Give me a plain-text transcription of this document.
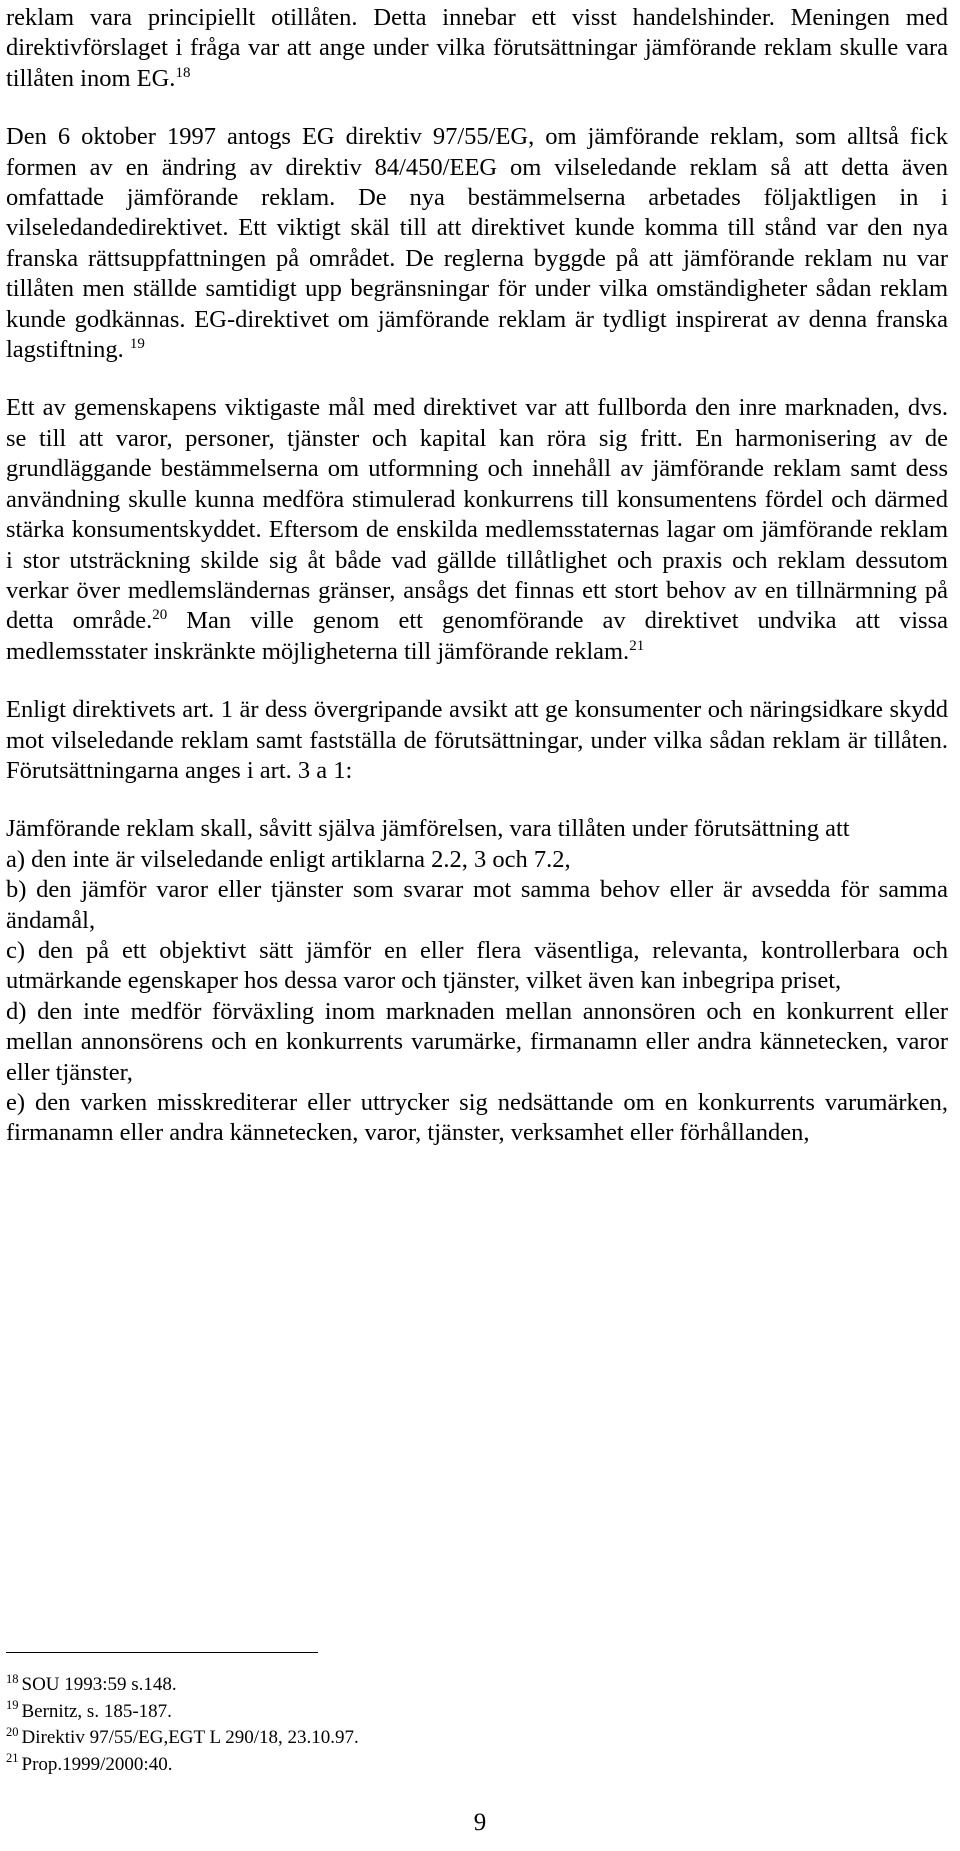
reklam vara principiellt otillåten. Detta innebar ett visst handelshinder. Meningen med direktivförslaget i fråga var att ange under vilka förutsättningar jämförande reklam skulle vara tillåten inom EG.$^{18}$

Den 6 oktober 1997 antogs EG direktiv 97/55/EG, om jämförande reklam, som alltså fick formen av en ändring av direktiv 84/450/EEG om vilseledande reklam så att detta även omfattade jämförande reklam. De nya bestämmelserna arbetades följaktligen in i vilseledandedirektivet. Ett viktigt skäl till att direktivet kunde komma till stånd var den nya franska rättsuppfattningen på området. De reglerna byggde på att jämförande reklam nu var tillåten men ställde samtidigt upp begränsningar för under vilka omständigheter sådan reklam kunde godkännas. EG-direktivet om jämförande reklam är tydligt inspirerat av denna franska lagstiftning. $^{19}$

Ett av gemenskapens viktigaste mål med direktivet var att fullborda den inre marknaden, dvs. se till att varor, personer, tjänster och kapital kan röra sig fritt. En harmonisering av de grundläggande bestämmelserna om utformning och innehåll av jämförande reklam samt dess användning skulle kunna medföra stimulerad konkurrens till konsumentens fördel och därmed stärka konsumentskyddet. Eftersom de enskilda medlemsstaternas lagar om jämförande reklam i stor utsträckning skilde sig åt både vad gällde tillåtlighet och praxis och reklam dessutom verkar över medlemsländernas gränser, ansågs det finnas ett stort behov av en tillnärmning på detta område.$^{20}$ Man ville genom ett genomförande av direktivet undvika att vissa medlemsstater inskränkte möjligheterna till jämförande reklam.$^{21}$

Enligt direktivets art. 1 är dess övergripande avsikt att ge konsumenter och näringsidkare skydd mot vilseledande reklam samt fastställa de förutsättningar, under vilka sådan reklam är tillåten. Förutsättningarna anges i art. 3 a 1:

Jämförande reklam skall, såvitt själva jämförelsen, vara tillåten under förutsättning att

a) den inte är vilseledande enligt artiklarna 2.2, 3 och 7.2,

b) den jämför varor eller tjänster som svarar mot samma behov eller är avsedda för samma ändamål,

c) den på ett objektivt sätt jämför en eller flera väsentliga, relevanta, kontrollerbara och utmärkande egenskaper hos dessa varor och tjänster, vilket även kan inbegripa priset,

d) den inte medför förväxling inom marknaden mellan annonsören och en konkurrent eller mellan annonsörens och en konkurrents varumärke, firmanamn eller andra kännetecken, varor eller tjänster,

e) den varken misskrediterar eller uttrycker sig nedsättande om en konkurrents varumärken, firmanamn eller andra kännetecken, varor, tjänster, verksamhet eller förhållanden,

$^{18}$ SOU 1993:59 s.148.

$^{19}$ Bernitz, s. 185-187.

$^{20}$ Direktiv 97/55/EG,EGT L 290/18, 23.10.97.

$^{21}$ Prop.1999/2000:40.

9
